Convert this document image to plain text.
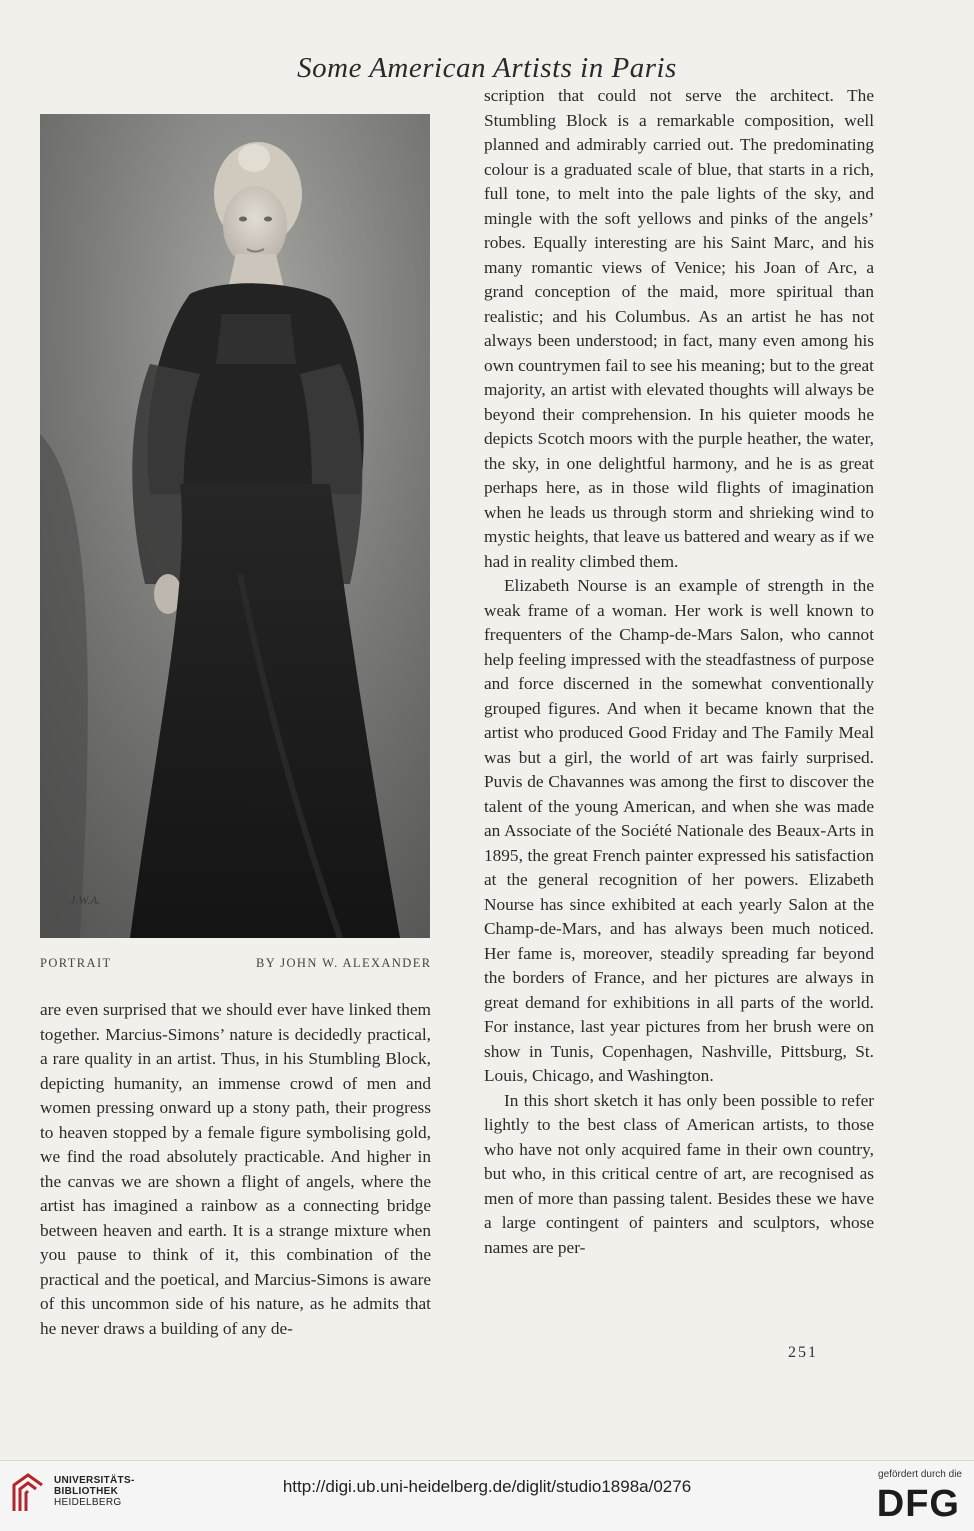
Some American Artists in Paris
J.W.A.
PORTRAIT	BY JOHN W. ALEXANDER

scription that could not serve the architect. The Stumbling Block is a remarkable composition, well planned and admirably carried out. The predominating colour is a graduated scale of blue, that starts in a rich, full tone, to melt into the pale lights of the sky, and mingle with the soft yellows and pinks of the angels’ robes. Equally interesting are his Saint Marc, and his many romantic views of Venice; his Joan of Arc, a grand conception of the maid, more spiritual than realistic; and his Columbus. As an artist he has not always been understood; in fact, many even among his own countrymen fail to see his meaning; but to the great majority, an artist with elevated thoughts will always be beyond their comprehension. In his quieter moods he depicts Scotch moors with the purple heather, the water, the sky, in one delightful harmony, and he is as great perhaps here, as in those wild flights of imagination when he leads us through storm and shrieking wind to mystic heights, that leave us battered and weary as if we had in reality climbed them.

Elizabeth Nourse is an example of strength in the weak frame of a woman. Her work is well known to frequenters of the Champ-de-Mars Salon, who cannot help feeling impressed with the steadfastness of purpose and force discerned in the somewhat conventionally grouped figures. And when it became known that the artist who produced Good Friday and The Family Meal was but a girl, the world of art was fairly surprised. Puvis de Chavannes was among the first to discover the talent of the young American, and when she was made an Associate of the Société Nationale des Beaux-Arts in 1895, the great French painter expressed his satisfaction at the general recognition of her powers. Elizabeth Nourse has since exhibited at each yearly Salon at the Champ-de-Mars, and has always been much noticed. Her fame is, moreover, steadily spreading far beyond the borders of France, and her pictures are always in great demand for exhibitions in all parts of the world. For instance, last year pictures from her brush were on show in Tunis, Copenhagen, Nashville, Pittsburg, St. Louis, Chicago, and Washington.

In this short sketch it has only been possible to refer lightly to the best class of American artists, to those who have not only acquired fame in their own country, but who, in this critical centre of art, are recognised as men of more than passing talent. Besides these we have a large contingent of painters and sculptors, whose names are per-

are even surprised that we should ever have linked them together. Marcius-Simons’ nature is decidedly practical, a rare quality in an artist. Thus, in his Stumbling Block, depicting humanity, an immense crowd of men and women pressing onward up a stony path, their progress to heaven stopped by a female figure symbolising gold, we find the road absolutely practicable. And higher in the canvas we are shown a flight of angels, where the artist has imagined a rainbow as a connecting bridge between heaven and earth. It is a strange mixture when you pause to think of it, this combination of the practical and the poetical, and Marcius-Simons is aware of this uncommon side of his nature, as he admits that he never draws a building of any de-

251
UNIVERSITÄTS-
BIBLIOTHEK
HEIDELBERG
http://digi.ub.uni-heidelberg.de/diglit/studio1898a/0276
gefördert durch die
DFG
